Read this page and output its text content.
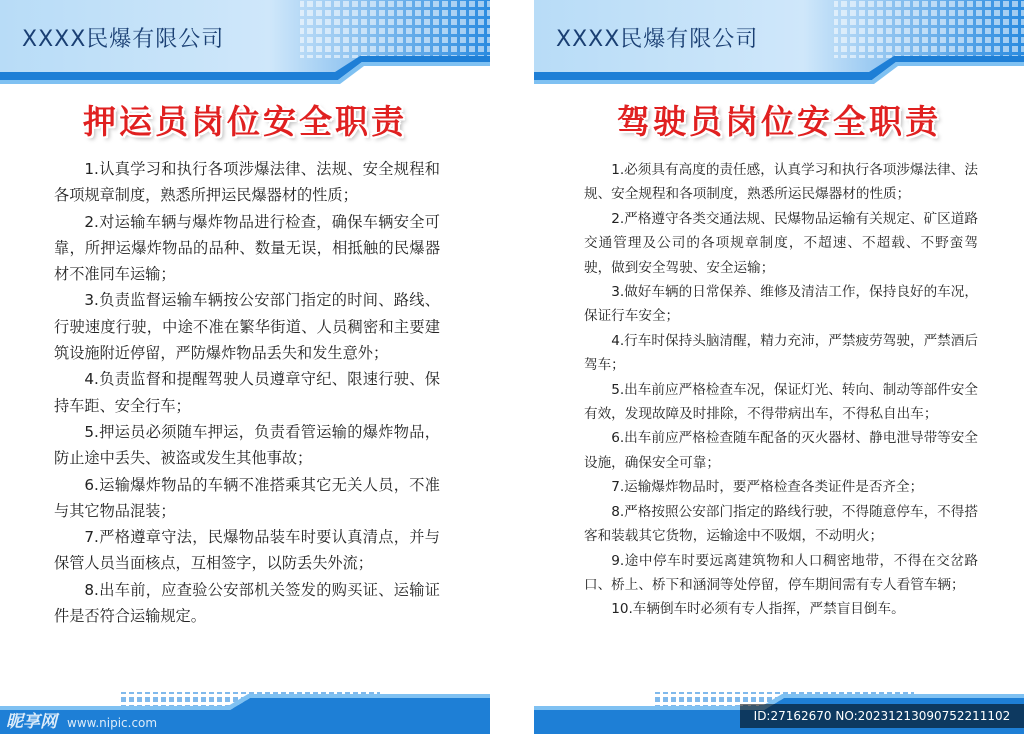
XXXX民爆有限公司
押运员岗位安全职责

1.认真学习和执行各项涉爆法律、法规、安全规程和各项规章制度，熟悉所押运民爆器材的性质；

2.对运输车辆与爆炸物品进行检查，确保车辆安全可靠，所押运爆炸物品的品种、数量无误，相抵触的民爆器材不准同车运输；

3.负责监督运输车辆按公安部门指定的时间、路线、行驶速度行驶，中途不准在繁华街道、人员稠密和主要建筑设施附近停留，严防爆炸物品丢失和发生意外；

4.负责监督和提醒驾驶人员遵章守纪、限速行驶、保持车距、安全行车；

5.押运员必须随车押运，负责看管运输的爆炸物品，防止途中丢失、被盗或发生其他事故；

6.运输爆炸物品的车辆不准搭乘其它无关人员，不准与其它物品混装；

7.严格遵章守法，民爆物品装车时要认真清点，并与保管人员当面核点，互相签字，以防丢失外流；

8.出车前，应查验公安部机关签发的购买证、运输证件是否符合运输规定。

昵享网 www.nipic.com
XXXX民爆有限公司
驾驶员岗位安全职责

1.必须具有高度的责任感，认真学习和执行各项涉爆法律、法规、安全规程和各项制度，熟悉所运民爆器材的性质；

2.严格遵守各类交通法规、民爆物品运输有关规定、矿区道路交通管理及公司的各项规章制度，不超速、不超载、不野蛮驾驶，做到安全驾驶、安全运输；

3.做好车辆的日常保养、维修及清洁工作，保持良好的车况，保证行车安全；

4.行车时保持头脑清醒，精力充沛，严禁疲劳驾驶，严禁酒后驾车；

5.出车前应严格检查车况，保证灯光、转向、制动等部件安全有效，发现故障及时排除，不得带病出车，不得私自出车；

6.出车前应严格检查随车配备的灭火器材、静电泄导带等安全设施，确保安全可靠；

7.运输爆炸物品时，要严格检查各类证件是否齐全；

8.严格按照公安部门指定的路线行驶，不得随意停车，不得搭客和装载其它货物，运输途中不吸烟，不动明火；

9.途中停车时要远离建筑物和人口稠密地带，不得在交岔路口、桥上、桥下和涵洞等处停留，停车期间需有专人看管车辆；

10.车辆倒车时必须有专人指挥，严禁盲目倒车。

ID:27162670 NO:20231213090752211102
